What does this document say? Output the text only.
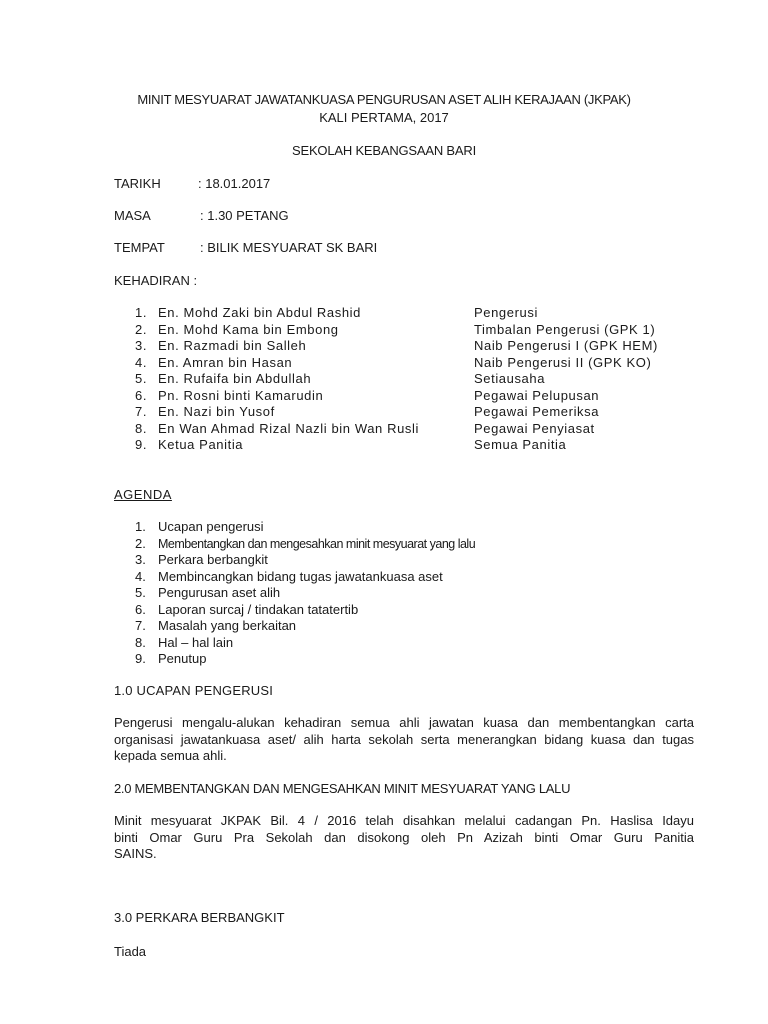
MINIT MESYUARAT JAWATANKUASA PENGURUSAN ASET ALIH KERAJAAN (JKPAK)
KALI PERTAMA, 2017
SEKOLAH KEBANGSAAN BARI
TARIKH	: 18.01.2017
MASA	: 1.30 PETANG
TEMPAT	: BILIK MESYUARAT SK BARI
KEHADIRAN :
1. En. Mohd Zaki bin Abdul Rashid	Pengerusi
2. En. Mohd Kama bin Embong	Timbalan Pengerusi (GPK 1)
3. En. Razmadi bin Salleh	Naib Pengerusi I (GPK HEM)
4. En. Amran bin Hasan	Naib Pengerusi II (GPK KO)
5. En. Rufaifa bin Abdullah	Setiausaha
6. Pn. Rosni binti Kamarudin	Pegawai Pelupusan
7. En. Nazi bin Yusof	Pegawai Pemeriksa
8. En Wan Ahmad Rizal Nazli bin Wan Rusli	Pegawai Penyiasat
9. Ketua Panitia	Semua Panitia
AGENDA
1. Ucapan pengerusi
2. Membentangkan dan mengesahkan minit mesyuarat yang lalu
3. Perkara berbangkit
4. Membincangkan bidang tugas jawatankuasa aset
5. Pengurusan aset alih
6. Laporan surcaj / tindakan tatatertib
7. Masalah yang berkaitan
8. Hal – hal lain
9. Penutup
1.0 UCAPAN PENGERUSI
Pengerusi mengalu-alukan kehadiran semua ahli jawatan kuasa dan membentangkan carta
organisasi jawatankuasa aset/ alih harta sekolah serta menerangkan bidang kuasa dan tugas
kepada semua ahli.
2.0 MEMBENTANGKAN DAN MENGESAHKAN MINIT MESYUARAT YANG LALU
Minit mesyuarat JKPAK Bil. 4 / 2016 telah disahkan melalui cadangan Pn. Haslisa Idayu
binti Omar Guru Pra Sekolah dan disokong oleh Pn Azizah binti Omar Guru Panitia
SAINS.
3.0 PERKARA BERBANGKIT
Tiada
